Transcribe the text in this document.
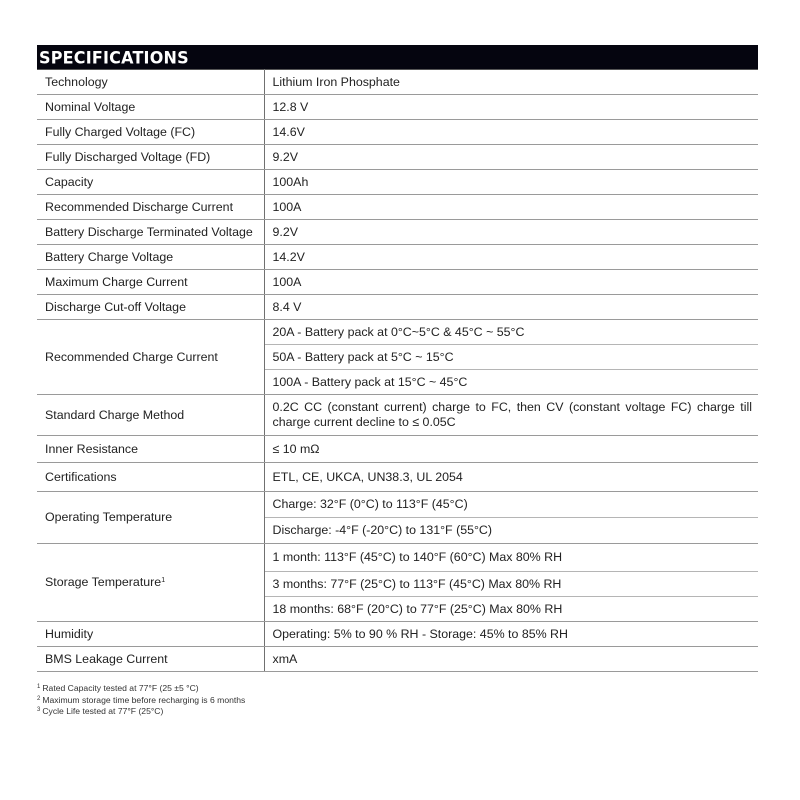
SPECIFICATIONS
Technology	Lithium Iron Phosphate
Nominal Voltage	12.8 V
Fully Charged Voltage (FC)	14.6V
Fully Discharged Voltage (FD)	9.2V
Capacity	100Ah
Recommended Discharge Current	100A
Battery Discharge Terminated Voltage	9.2V
Battery Charge Voltage	14.2V
Maximum Charge Current	100A
Discharge Cut-off Voltage	8.4 V
Recommended Charge Current	20A - Battery pack at 0°C~5°C & 45°C ~ 55°C
	50A - Battery pack at 5°C ~ 15°C
	100A - Battery pack at 15°C ~ 45°C
Standard Charge Method	0.2C CC (constant current) charge to FC, then CV (constant voltage FC) charge till charge current decline to ≤ 0.05C
Inner Resistance	≤ 10 mΩ
Certifications	ETL, CE, UKCA, UN38.3, UL 2054
Operating Temperature	Charge: 32°F (0°C) to 113°F (45°C)
	Discharge: -4°F (-20°C) to 131°F (55°C)
Storage Temperature$^1$	1 month: 113°F (45°C) to 140°F (60°C) Max 80% RH
	3 months: 77°F (25°C) to 113°F (45°C) Max 80% RH
	18 months: 68°F (20°C) to 77°F (25°C) Max 80% RH
Humidity	Operating: 5% to 90 % RH - Storage: 45% to 85% RH
BMS Leakage Current	xmA
$^1$ Rated Capacity tested at 77°F (25 ±5 °C)
$^2$ Maximum storage time before recharging is 6 months
$^3$ Cycle Life tested at 77°F (25°C)
